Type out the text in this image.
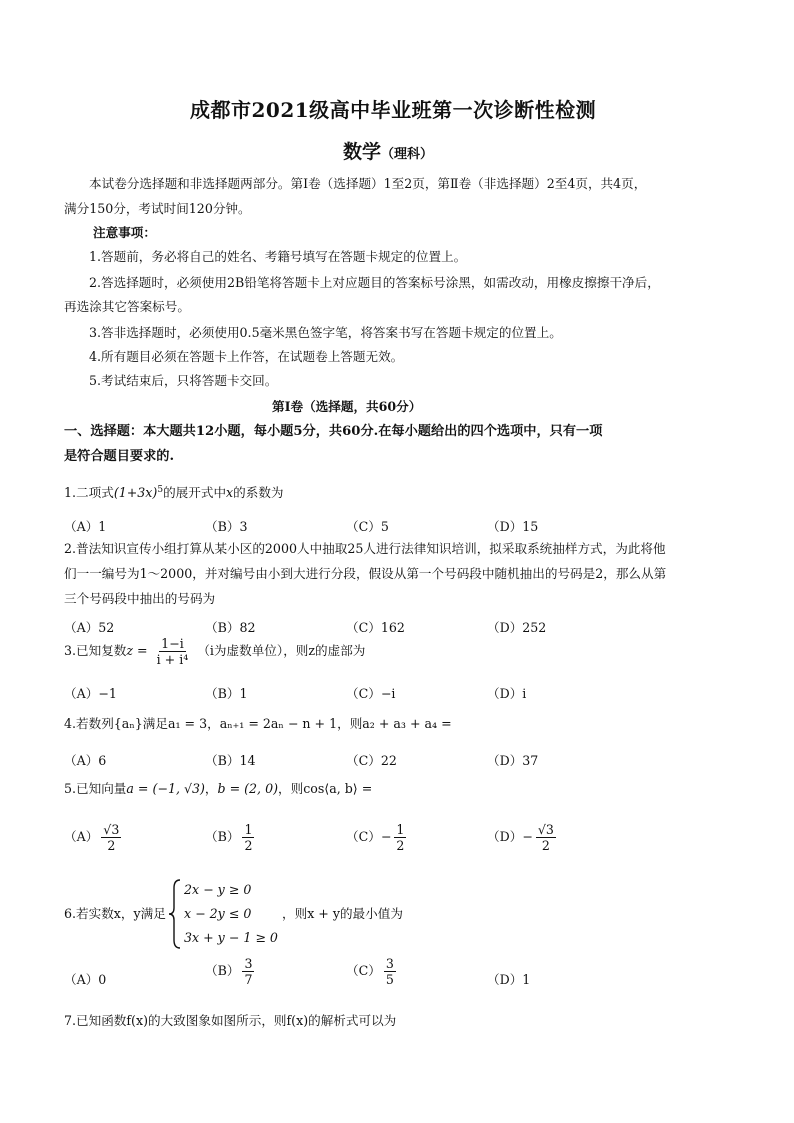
成都市2021级高中毕业班第一次诊断性检测
数学（理科）
本试卷分选择题和非选择题两部分。第Ⅰ卷（选择题）1至2页，第Ⅱ卷（非选择题）2至4页，共4页，
满分150分，考试时间120分钟。
注意事项：
1.答题前，务必将自己的姓名、考籍号填写在答题卡规定的位置上。
2.答选择题时，必须使用2B铅笔将答题卡上对应题目的答案标号涂黑，如需改动，用橡皮擦擦干净后，
再选涂其它答案标号。
3.答非选择题时，必须使用0.5毫米黑色签字笔，将答案书写在答题卡规定的位置上。
4.所有题目必须在答题卡上作答，在试题卷上答题无效。
5.考试结束后，只将答题卡交回。
第Ⅰ卷（选择题，共60分）
一、选择题：本大题共12小题，每小题5分，共60分.在每小题给出的四个选项中，只有一项
是符合题目要求的.
1.二项式$(1+3x)^5$的展开式中x的系数为
（A）1	（B）3	（C）5	（D）15
2.普法知识宣传小组打算从某小区的2000人中抽取25人进行法律知识培训，拟采取系统抽样方式，为此将他
们一一编号为1～2000，并对编号由小到大进行分段，假设从第一个号码段中随机抽出的号码是2，那么从第
三个号码段中抽出的号码为
（A）52	（B）82	（C）162	（D）252
3.已知复数$z = \frac{1-i}{\text{i + i⁴}} (i$为虚数单位），则z的虚部为
（A）−1	（B）1	（C）−i	（D）i
4.若数列{aₙ}满足a₁ = 3，aₙ₊₁ = 2aₙ − n + 1，则a₂ + a₃ + a₄ =
（A）6	（B）14	（C）22	（D）37
5.已知向量a = (−1, √3)，b = (2, 0)，则cos⟨a, b⟩ =
$(A) \frac{√3}{2}$	$(B) \frac{1}{2}$	$(C)- \frac{1}{2}$	$(D)- \frac{√3}{2}$
6.若实数x，y满足
2x − y ≥ 0
x − 2y ≤ 0
3x + y − 1 ≥ 0
，则x + y的最小值为
（A）0
$(B) \frac{3}{7}$	$(C) \frac{3}{5}$	（D）1
7.已知函数f(x)的大致图象如图所示，则f(x)的解析式可以为
